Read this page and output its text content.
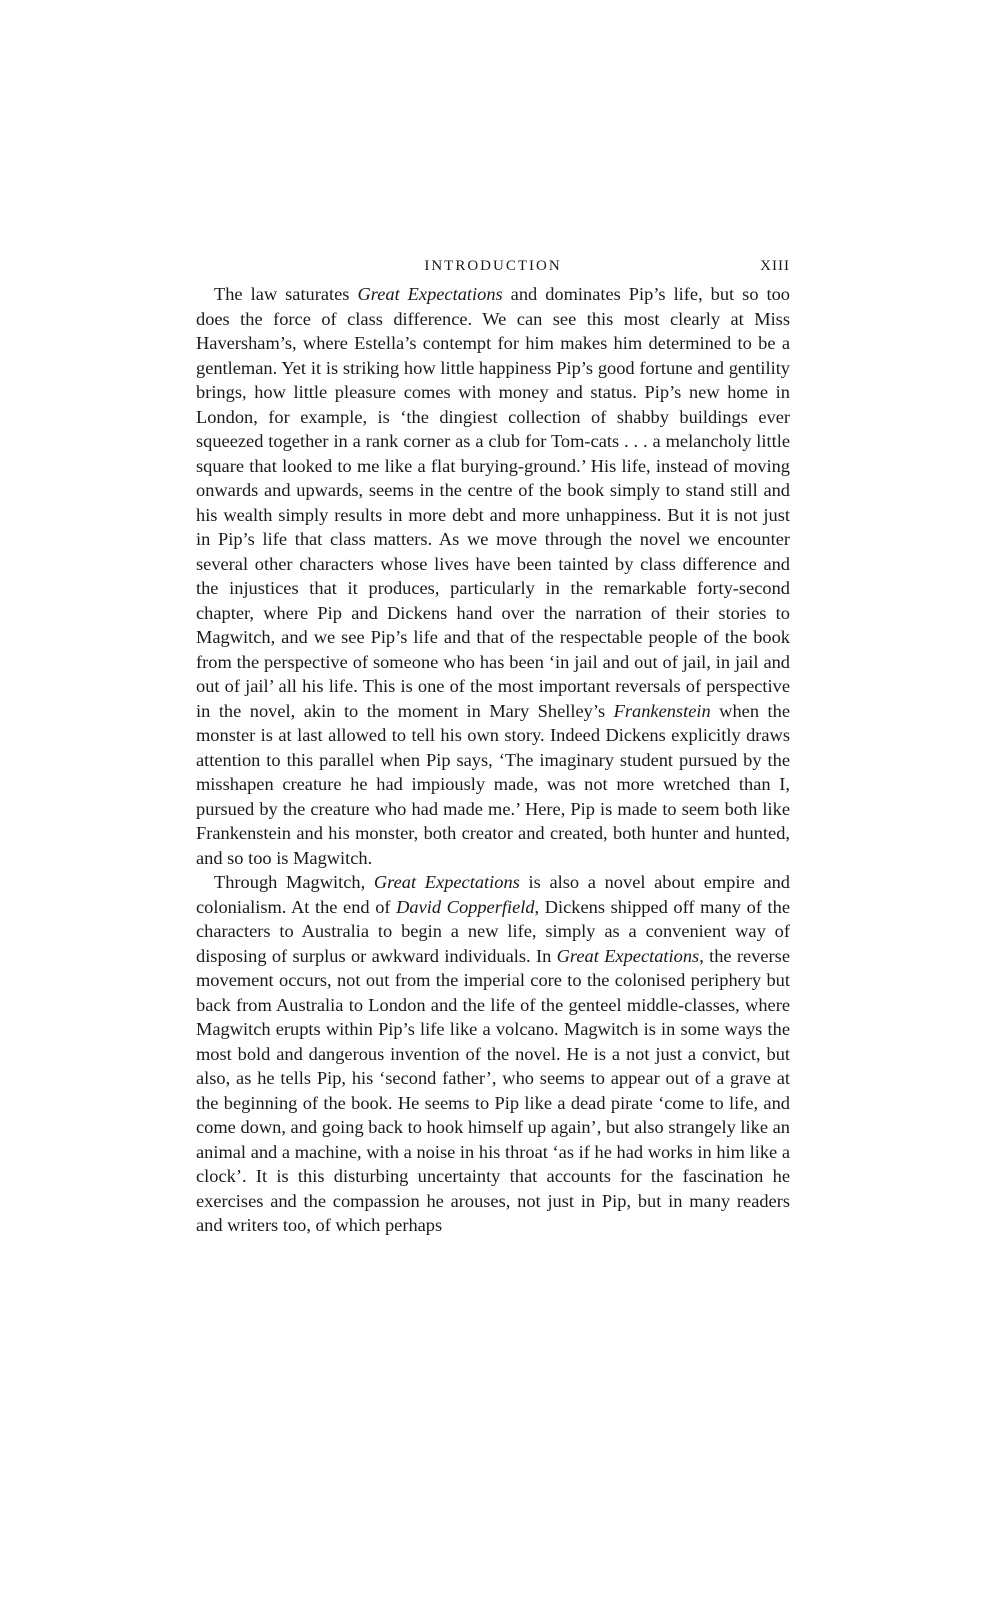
INTRODUCTION	XIII

The law saturates Great Expectations and dominates Pip’s life, but so too does the force of class difference. We can see this most clearly at Miss Haversham’s, where Estella’s contempt for him makes him determined to be a gentleman. Yet it is striking how little happiness Pip’s good fortune and gentility brings, how little pleasure comes with money and status. Pip’s new home in London, for example, is ‘the dingiest collection of shabby buildings ever squeezed together in a rank corner as a club for Tom-cats . . . a melancholy little square that looked to me like a flat burying-ground.’ His life, instead of moving onwards and upwards, seems in the centre of the book simply to stand still and his wealth simply results in more debt and more unhappiness. But it is not just in Pip’s life that class matters. As we move through the novel we encounter several other characters whose lives have been tainted by class difference and the injustices that it produces, particularly in the remarkable forty-second chapter, where Pip and Dickens hand over the narration of their stories to Magwitch, and we see Pip’s life and that of the respectable people of the book from the perspective of someone who has been ‘in jail and out of jail, in jail and out of jail’ all his life. This is one of the most important reversals of perspective in the novel, akin to the moment in Mary Shelley’s Frankenstein when the monster is at last allowed to tell his own story. Indeed Dickens explicitly draws attention to this parallel when Pip says, ‘The imaginary student pursued by the misshapen creature he had impiously made, was not more wretched than I, pursued by the creature who had made me.’ Here, Pip is made to seem both like Frankenstein and his monster, both creator and created, both hunter and hunted, and so too is Magwitch.

Through Magwitch, Great Expectations is also a novel about empire and colonialism. At the end of David Copperfield, Dickens shipped off many of the characters to Australia to begin a new life, simply as a convenient way of disposing of surplus or awkward individuals. In Great Expectations, the reverse movement occurs, not out from the imperial core to the colonised periphery but back from Australia to London and the life of the genteel middle-classes, where Magwitch erupts within Pip’s life like a volcano. Magwitch is in some ways the most bold and dangerous invention of the novel. He is a not just a convict, but also, as he tells Pip, his ‘second father’, who seems to appear out of a grave at the beginning of the book. He seems to Pip like a dead pirate ‘come to life, and come down, and going back to hook himself up again’, but also strangely like an animal and a machine, with a noise in his throat ‘as if he had works in him like a clock’. It is this disturbing uncertainty that accounts for the fascination he exercises and the compassion he arouses, not just in Pip, but in many readers and writers too, of which perhaps
